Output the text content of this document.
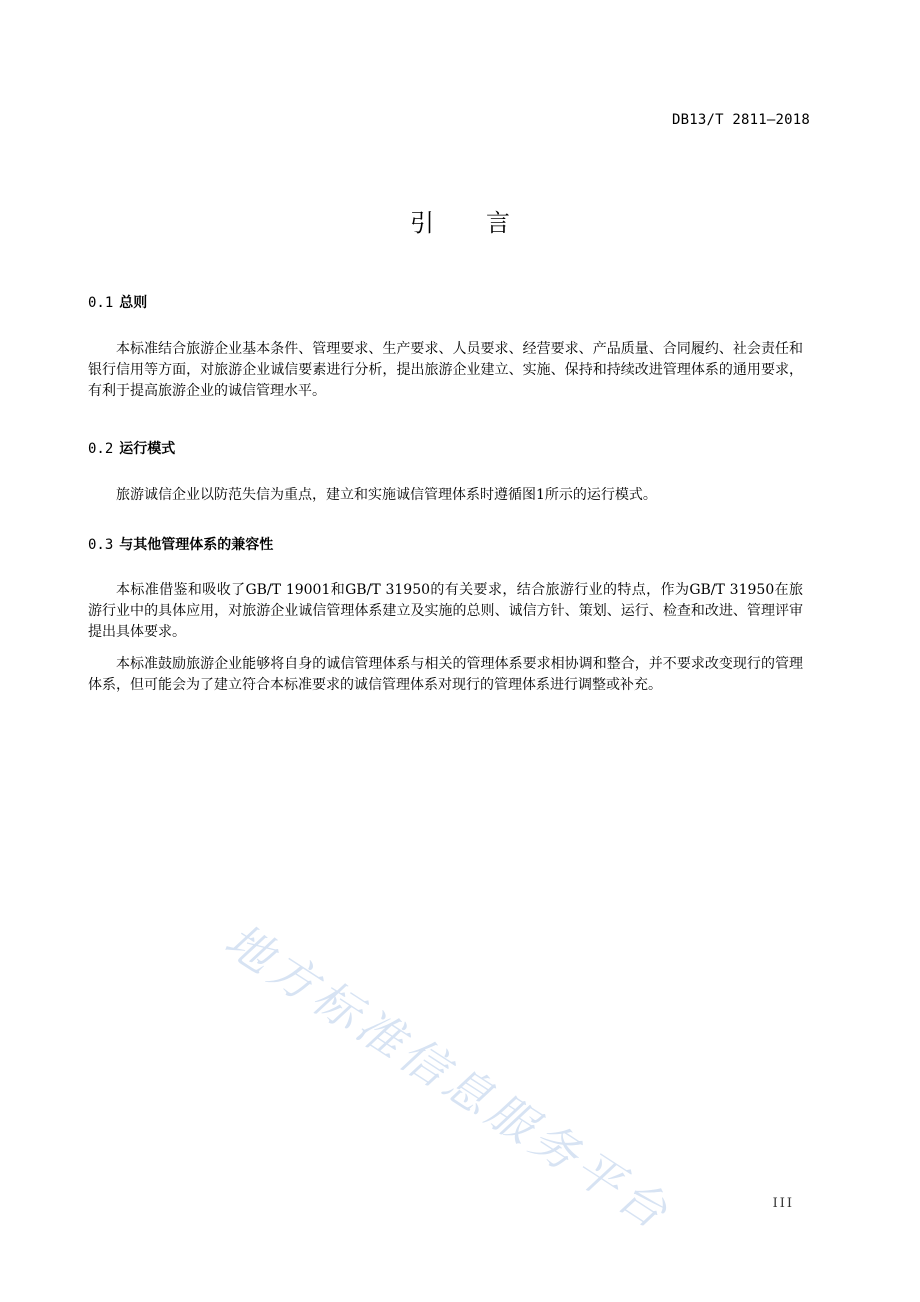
DB13/T 2811—2018
引言
0.1 总则

本标准结合旅游企业基本条件、管理要求、生产要求、人员要求、经营要求、产品质量、合同履约、社会责任和银行信用等方面，对旅游企业诚信要素进行分析，提出旅游企业建立、实施、保持和持续改进管理体系的通用要求，有利于提高旅游企业的诚信管理水平。

0.2 运行模式

旅游诚信企业以防范失信为重点，建立和实施诚信管理体系时遵循图1所示的运行模式。

0.3 与其他管理体系的兼容性

本标准借鉴和吸收了GB/T 19001和GB/T 31950的有关要求，结合旅游行业的特点，作为GB/T 31950在旅游行业中的具体应用，对旅游企业诚信管理体系建立及实施的总则、诚信方针、策划、运行、检查和改进、管理评审提出具体要求。

本标准鼓励旅游企业能够将自身的诚信管理体系与相关的管理体系要求相协调和整合，并不要求改变现行的管理体系，但可能会为了建立符合本标准要求的诚信管理体系对现行的管理体系进行调整或补充。

地方标准信息服务平台	III
